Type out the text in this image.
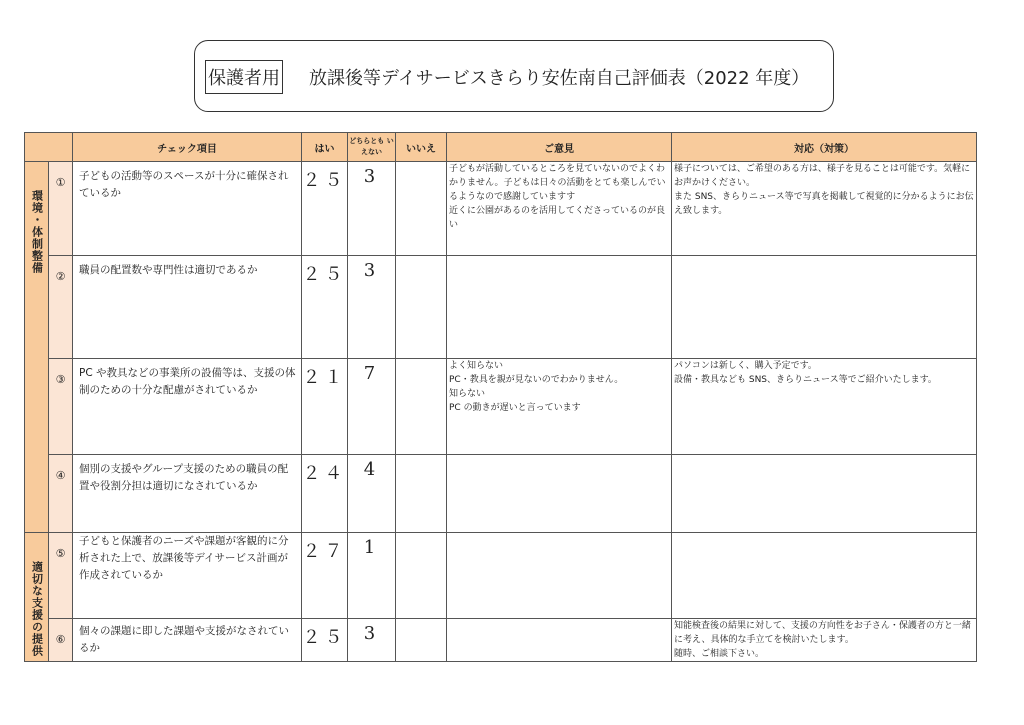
保護者用 放課後等デイサービスきらり安佐南自己評価表（2022 年度）
		チェック項目	はい	どちらとも いえない	いいえ	ご意見	対応（対策）

環境・体制整備	①	子どもの活動等のスペースが十分に確保されているか	２５	3		子どもが活動しているところを見ていないのでよくわかりません。子どもは日々の活動をとても楽しんでいるようなので感謝していますす
近くに公園があるのを活用してくださっているのが良い	様子については、ご希望のある方は、様子を見ることは可能です。気軽にお声かけください。
また SNS、きらりニュース等で写真を掲載して視覚的に分かるようにお伝え致します。
	②	職員の配置数や専門性は適切であるか	２５	3			
	③	PC や教具などの事業所の設備等は、支援の体制のための十分な配慮がされているか	２１	7		よく知らない
PC・教具を親が見ないのでわかりません。
知らない
PC の動きが遅いと言っています	パソコンは新しく、購入予定です。
設備・教具なども SNS、きらりニュース等でご紹介いたします。
	④	個別の支援やグループ支援のための職員の配置や役割分担は適切になされているか	２４	4			

適切な支援の提供	⑤	子どもと保護者のニーズや課題が客観的に分析された上で、放課後等デイサービス計画が作成されているか	２７	1			
	⑥	個々の課題に即した課題や支援がなされているか	２５	3			知能検査後の結果に対して、支援の方向性をお子さん・保護者の方と一緒に考え、具体的な手立てを検討いたします。
随時、ご相談下さい。
